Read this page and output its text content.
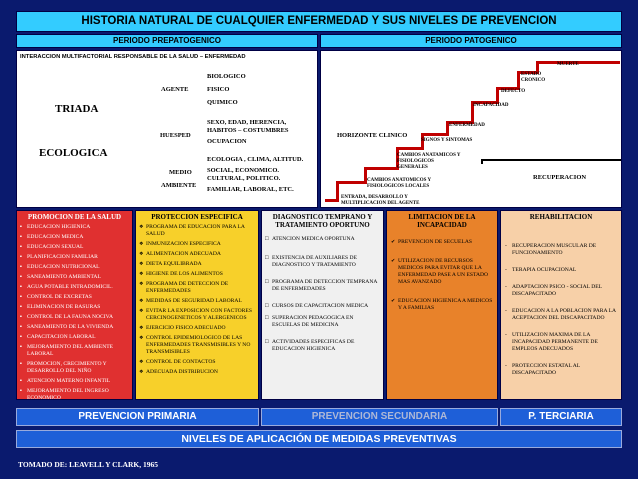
HISTORIA NATURAL DE CUALQUIER ENFERMEDAD Y SUS NIVELES DE PREVENCION
PERIODO PREPATOGENICO	PERIODO PATOGENICO
INTERACCION MULTIFACTORIAL RESPONSABLE DE LA SALUD – ENFERMEDAD
TRIADA
ECOLOGICA
AGENTE
BIOLOGICO
FISICO
QUIMICO
HUESPED
SEXO, EDAD, HERENCIA, HABITOS – COSTUMBRES
OCUPACION
MEDIO
AMBIENTE
ECOLOGIA , CLIMA, ALTITUD.
SOCIAL, ECONOMICO. CULTURAL, POLITICO.
FAMILIAR, LABORAL, ETC.
MUERTE
ESTADO CRONICO
DEFECTO
INCAPACIDAD
ENFERMEDAD
SIGNOS Y SINTOMAS
HORIZONTE CLINICO
CAMBIOS ANATAMICOS Y FISIOLOGICOS GENERALES
CAMBIOS ANATOMICOS Y FISIOLOGICOS LOCALES
ENTRADA, DESARROLLO Y MULTIPLICACION DEL AGENTE
RECUPERACION
PROMOCION DE LA SALUD
▪ EDUCACION HIGIENICA
▪ EDUCACION MEDICA
▪ EDUCACION SEXUAL
▪ PLANIFICACION FAMILIAR
▪ EDUCACION NUTRICIONAL
▪ SANEAMIENTO AMBIENTAL
▪ AGUA POTABLE INTRADOMICIL.
▪ CONTROL DE EXCRETAS
▪ ELIMINACION DE BASURAS
▪ CONTROL DE LA FAUNA NOCIVA
▪ SANEAMIENTO DE LA VIVIENDA
▪ CAPACITACION LABORAL
▪ MEJORAMIENTO DEL AMBIENTE LABORAL
▪ PROMOCION, CRECIMIENTO Y DESARROLLO DEL NIÑO
▪ ATENCION MATERNO INFANTIL
▪ MEJORAMIENTO DEL INGRESO ECONOMICO
PROTECCION ESPECIFICA
❖ PROGRAMA DE EDUCACION PARA LA SALUD
❖ INMUNIZACION ESPECIFICA
❖ ALIMENTACION ADECUADA
❖ DIETA EQUILIBRADA
❖ HIGIENE DE LOS ALIMENTOS
❖ PROGRAMA DE DETECCION DE ENFERMEDADES
❖ MEDIDAS DE SEGURIDAD LABORAL
❖ EVITAR LA EXPOSICION CON FACTORES CERCINOGENETICOS Y ALERGENICOS
❖ EJERCICIO FISICO ADECUADO
❖ CONTROL EPIDEMIOLOGICO DE LAS ENFERMEDADES TRANSMISIBLES Y NO TRANSMISIBLES
❖ CONTROL DE CONTACTOS
❖ ADECUADA DISTRIBUCION
DIAGNOSTICO TEMPRANO Y TRATAMIENTO OPORTUNO
□ ATENCION MEDICA OPORTUNA
□ EXISTENCIA DE AUXILIARES DE DIAGNOSTICO Y TRATAMIENTO
□ PROGRAMA DE DETECCION TEMPRANA DE ENFERMEDADES
□ CURSOS DE CAPACITACION MEDICA
□ SUPERACION PEDAGOGICA EN ESCUELAS DE MEDICINA
□ ACTIVIDADES ESPECIFICAS DE EDUCACION HIGIENICA
LIMITACION DE LA INCAPACIDAD
✔ PREVENCION DE SECUELAS
✔ UTILIZACION DE RECURSOS MEDICOS PARA EVITAR QUE LA ENFERMEDAD PASE A UN ESTADO MAS AVANZADO
✔ EDUCACION HIGIENICA A MEDICOS Y A FAMILIAS
REHABILITACION
- RECUPERACION MUSCULAR DE FUNCIONAMIENTO
- TERAPIA OCUPACIONAL
- ADAPTACION PSICO - SOCIAL DEL DISCAPACITADO
- EDUCACION A LA POBLACION PARA LA ACEPTACION DEL DISCAPACITADO
- UTILIZACION MAXIMA DE LA INCAPACIDAD PERMANENTE DE EMPLEOS ADECUADOS
- PROTECCION ESTATAL AL DISCAPACITADO
PREVENCION PRIMARIA	PREVENCION SECUNDARIA	P. TERCIARIA
NIVELES DE APLICACIÓN DE MEDIDAS PREVENTIVAS
TOMADO DE: LEAVELL Y CLARK, 1965
